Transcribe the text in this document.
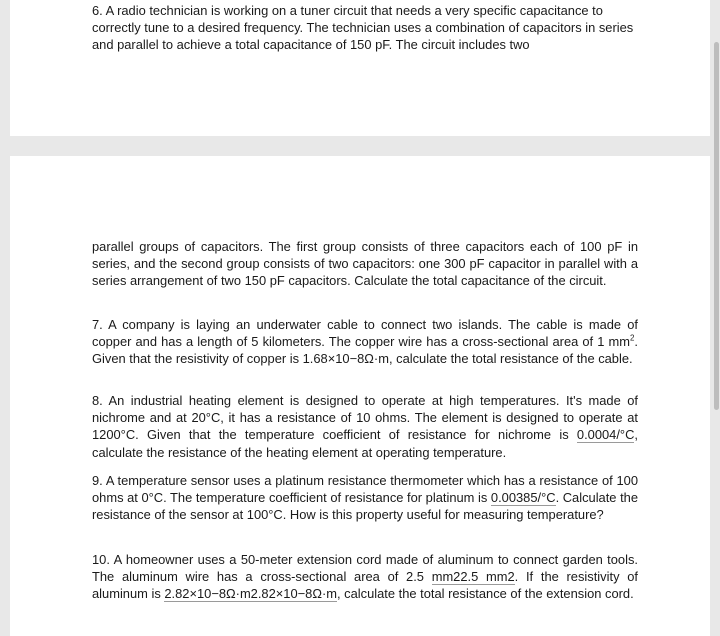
6. A radio technician is working on a tuner circuit that needs a very specific capacitance to correctly tune to a desired frequency. The technician uses a combination of capacitors in series and parallel to achieve a total capacitance of 150 pF. The circuit includes two

parallel groups of capacitors. The first group consists of three capacitors each of 100 pF in series, and the second group consists of two capacitors: one 300 pF capacitor in parallel with a series arrangement of two 150 pF capacitors. Calculate the total capacitance of the circuit.

7. A company is laying an underwater cable to connect two islands. The cable is made of copper and has a length of 5 kilometers. The copper wire has a cross-sectional area of 1 $mm^2$. Given that the resistivity of copper is 1.68×10−8Ω·m, calculate the total resistance of the cable.

8. An industrial heating element is designed to operate at high temperatures. It's made of nichrome and at 20°C, it has a resistance of 10 ohms. The element is designed to operate at 1200°C. Given that the temperature coefficient of resistance for nichrome is 0.0004/°C, calculate the resistance of the heating element at operating temperature.

9. A temperature sensor uses a platinum resistance thermometer which has a resistance of 100 ohms at 0°C. The temperature coefficient of resistance for platinum is 0.00385/°C. Calculate the resistance of the sensor at 100°C. How is this property useful for measuring temperature?

10. A homeowner uses a 50-meter extension cord made of aluminum to connect garden tools. The aluminum wire has a cross-sectional area of 2.5 mm22.5 mm2. If the resistivity of aluminum is 2.82×10−8Ω·m2.82×10−8Ω·m, calculate the total resistance of the extension cord.
